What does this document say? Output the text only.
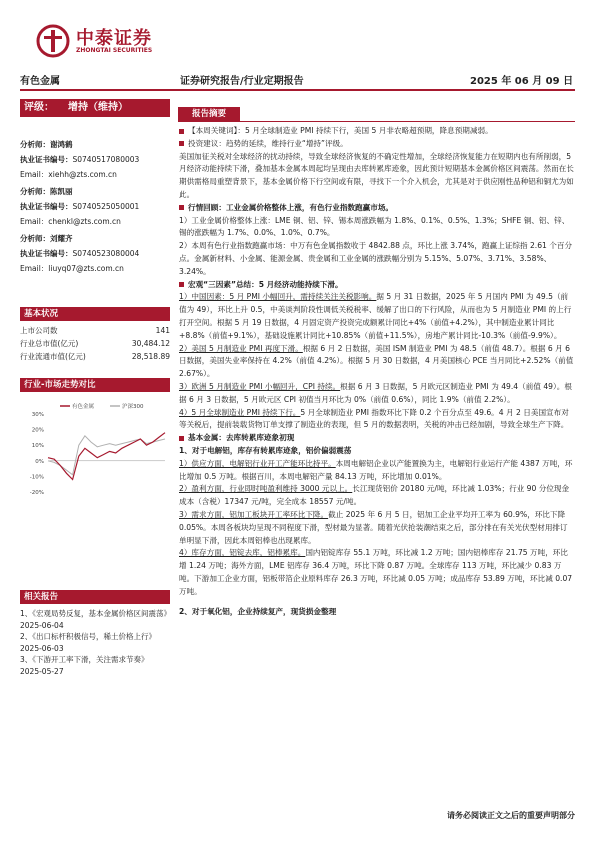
中泰证券
ZHONGTAI SECURITIES
有色金属	证券研究报告/行业定期报告	2025 年 06 月 09 日
评级： 增持（维持）
分析师：谢鸿鹤
执业证书编号：S0740517080003
Email：xiehh@zts.com.cn
分析师：陈凯丽
执业证书编号：S0740525050001
Email：chenkl@zts.com.cn
分析师：刘耀齐
执业证书编号：S0740523080004
Email：liuyq07@zts.com.cn
基本状况
上市公司数	141
行业总市值(亿元)	30,484.12
行业流通市值(亿元)	28,518.89
行业-市场走势对比
30%
20%
10%
0%
-10%
-20%
有色金属	沪深300
相关报告
1、《宏观局势反复，基本金属价格区间震荡》2025-06-04
2、《出口标杆积极信号，稀土价格上行》2025-06-03
3、《下游开工率下滑，关注需求节奏》2025-05-27
报告摘要

【本周关键词】：5 月全球制造业 PMI 持续下行，美国 5 月非农略超预期，降息预期减弱。

投资建议：趋势的延续，维持行业“增持”评级。

美国加征关税对全球经济的扰动持续，导致全球经济恢复的不确定性增加，全球经济恢复能力在短期内也有所削弱，5 月经济动能持续下滑，叠加基本金属本周起均呈现由去库转累库迹象，因此预计短期基本金属价格区间震荡。然而在长期供需格局重塑背景下，基本金属价格下行空间或有限，寻找下一个介入机会，尤其是对于供应刚性品种铝和铜尤为如此。

行情回顾：工业金属价格整体上涨，有色行业指数跑赢市场。

1）工业金属价格整体上涨：LME 铜、铝、锌、锡本周涨跌幅为 1.8%、0.1%、0.5%、1.3%；SHFE 铜、铝、锌、锡的涨跌幅为 1.7%、0.0%、1.0%、0.7%。

2）本周有色行业指数跑赢市场：中万有色金属指数收于 4842.88 点，环比上涨 3.74%，跑赢上证综指 2.61 个百分点。金属新材料、小金属、能源金属、贵金属和工业金属的涨跌幅分别为 5.15%、5.07%、3.71%、3.58%、3.24%。

宏观“三因素”总结：5 月经济动能持续下滑。

1）中国因素：5 月 PMI 小幅回升，需持续关注关税影响。据 5 月 31 日数据，2025 年 5 月国内 PMI 为 49.5（前值为 49），环比上升 0.5，中美谈判阶段性调低关税税率、缓解了出口的下行风险，从而也为 5 月制造业 PMI 的上行打开空间。根据 5 月 19 日数据，4 月固定资产投资完成额累计同比+4%（前值+4.2%），其中制造业累计同比+8.8%（前值+9.1%），基础设施累计同比+10.85%（前值+11.5%），房地产累计同比-10.3%（前值-9.9%）。

2）美国 5 月制造业 PMI 再度下滑。根据 6 月 2 日数据，美国 ISM 制造业 PMI 为 48.5（前值 48.7）。根据 6 月 6 日数据，美国失业率保持在 4.2%（前值 4.2%）。根据 5 月 30 日数据，4 月美国核心 PCE 当月同比+2.52%（前值 2.67%）。

3）欧洲 5 月制造业 PMI 小幅回升，CPI 持续。根据 6 月 3 日数据，5 月欧元区制造业 PMI 为 49.4（前值 49）。根据 6 月 3 日数据，5 月欧元区 CPI 初值当月环比为 0%（前值 0.6%），同比 1.9%（前值 2.2%）。

4）5 月全球制造业 PMI 持续下行。5 月全球制造业 PMI 指数环比下降 0.2 个百分点至 49.6。4 月 2 日美国宣布对等关税后，提前装载货物订单支撑了制造业的表现，但 5 月的数据表明，关税的冲击已经加剧，导致全球生产下降。

基本金属：去库转累库迹象初现

1、对于电解铝，库存有转累库迹象，铝价偏弱震荡

1）供应方面，电解铝行业开工产能环比持平。本周电解铝企业以产能置换为主，电解铝行业运行产能 4387 万吨，环比增加 0.5 万吨。根据百川，本周电解铝产量 84.13 万吨，环比增加 0.01%。

2）盈利方面，行业即时吨盈利维持 3000 元以上。长江现货铝价 20180 元/吨，环比减 1.03%；行业 90 分位现金成本（含税）17347 元/吨，完全成本 18557 元/吨。

3）需求方面，铝加工板块开工率环比下降。截止 2025 年 6 月 5 日，铝加工企业平均开工率为 60.9%，环比下降 0.05%。本周各板块均呈现不同程度下滑，型材最为显著。随着光伏抢装潮结束之后，部分排在有关光伏型材用排订单明显下滑，因此本周铝棒也出现累库。

4）库存方面，铝锭去库，铝棒累库。国内铝锭库存 55.1 万吨，环比减 1.2 万吨；国内铝棒库存 21.75 万吨，环比增 1.24 万吨；海外方面，LME 铝库存 36.4 万吨，环比下降 0.87 万吨。全球库存 113 万吨，环比减少 0.83 万吨。下游加工企业方面，铝板带箔企业原料库存 26.3 万吨，环比减 0.05 万吨；成品库存 53.89 万吨，环比减 0.07 万吨。

2、对于氧化铝，企业持续复产，现货损金整理

请务必阅读正文之后的重要声明部分
